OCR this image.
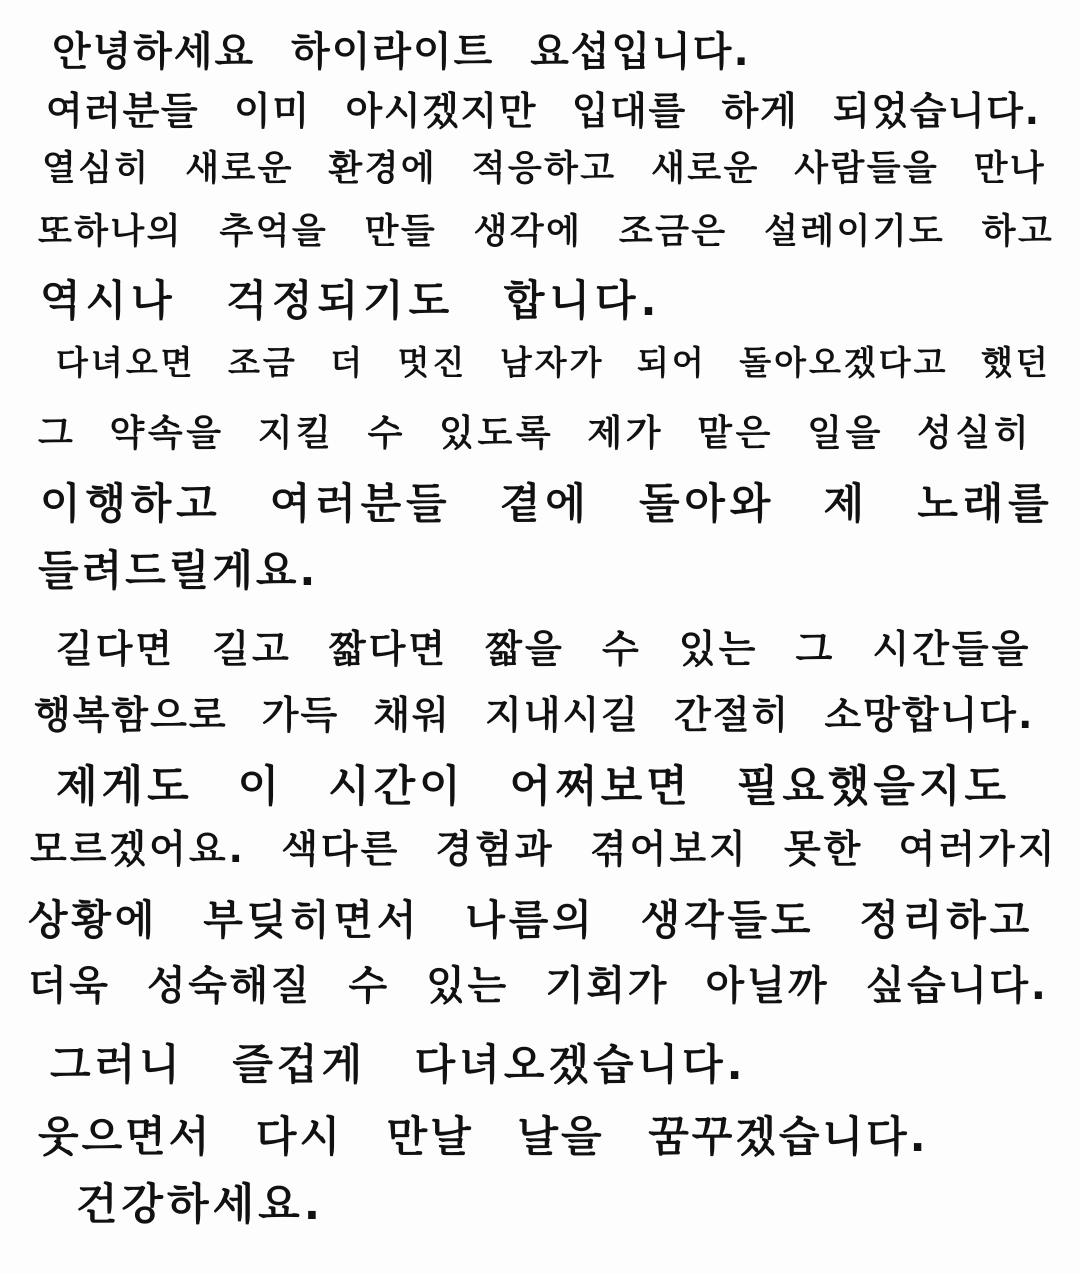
안녕하세요 하이라이트 요섭입니다.
여러분들 이미 아시겠지만 입대를 하게 되었습니다.
열심히 새로운 환경에 적응하고 새로운 사람들을 만나
또하나의 추억을 만들 생각에 조금은 설레이기도 하고
역시나 걱정되기도 합니다.
다녀오면 조금 더 멋진 남자가 되어 돌아오겠다고 했던
그 약속을 지킬 수 있도록 제가 맡은 일을 성실히
이행하고 여러분들 곁에 돌아와 제 노래를
들려드릴게요.
길다면 길고 짧다면 짧을 수 있는 그 시간들을
행복함으로 가득 채워 지내시길 간절히 소망합니다.
제게도 이 시간이 어쩌보면 필요했을지도
모르겠어요. 색다른 경험과 겪어보지 못한 여러가지
상황에 부딪히면서 나름의 생각들도 정리하고
더욱 성숙해질 수 있는 기회가 아닐까 싶습니다.
그러니 즐겁게 다녀오겠습니다.
웃으면서 다시 만날 날을 꿈꾸겠습니다.
건강하세요.
